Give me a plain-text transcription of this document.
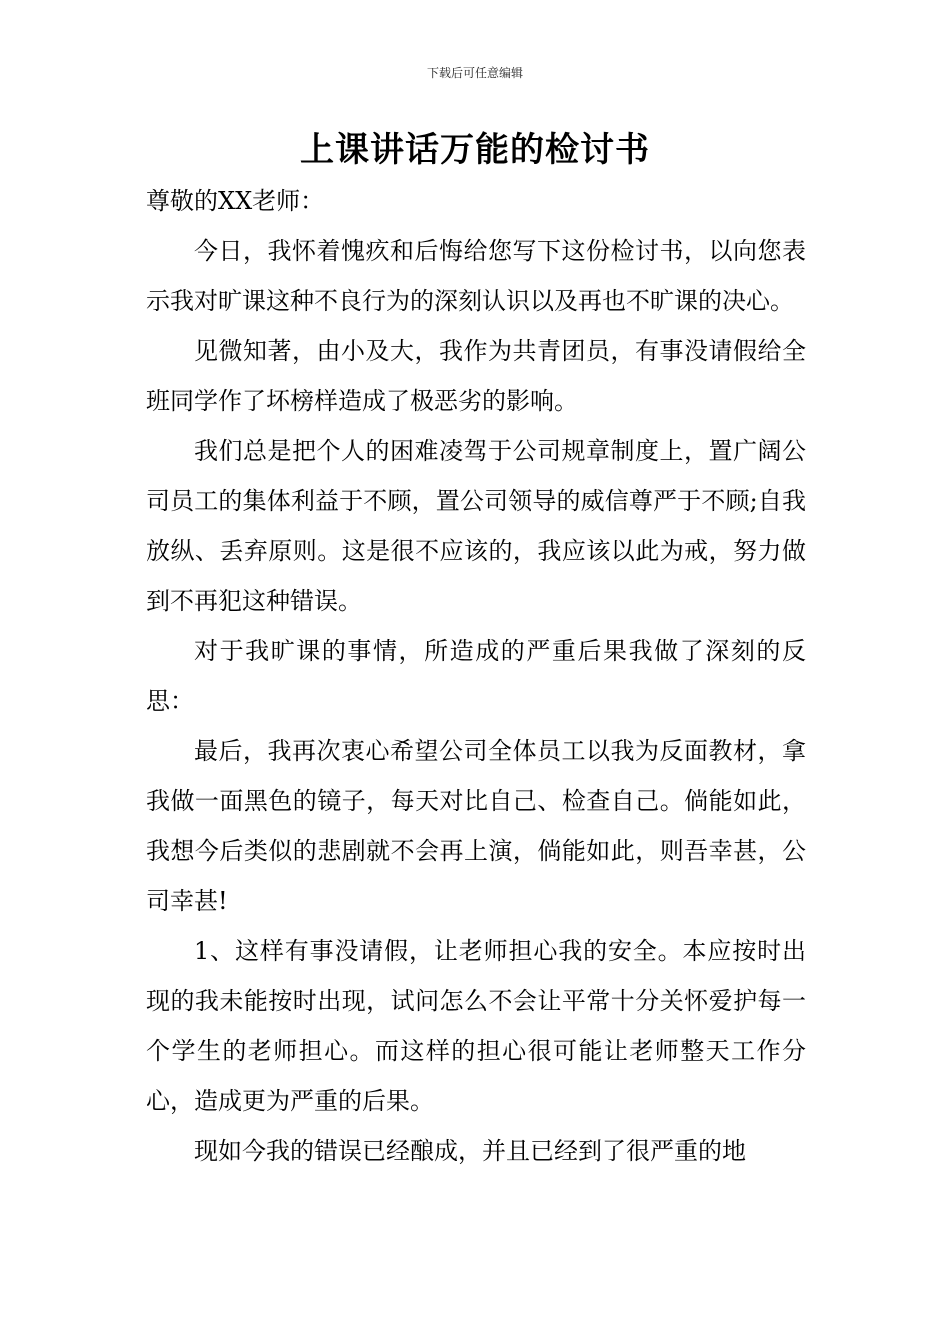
下载后可任意编辑
上课讲话万能的检讨书

尊敬的XX老师：

今日，我怀着愧疚和后悔给您写下这份检讨书，以向您表示我对旷课这种不良行为的深刻认识以及再也不旷课的决心。

见微知著，由小及大，我作为共青团员，有事没请假给全班同学作了坏榜样造成了极恶劣的影响。

我们总是把个人的困难凌驾于公司规章制度上，置广阔公司员工的集体利益于不顾，置公司领导的威信尊严于不顾;自我放纵、丢弃原则。这是很不应该的，我应该以此为戒，努力做到不再犯这种错误。

对于我旷课的事情，所造成的严重后果我做了深刻的反思：

最后，我再次衷心希望公司全体员工以我为反面教材，拿我做一面黑色的镜子，每天对比自己、检查自己。倘能如此，我想今后类似的悲剧就不会再上演，倘能如此，则吾幸甚，公司幸甚!

1、这样有事没请假，让老师担心我的安全。本应按时出现的我未能按时出现，试问怎么不会让平常十分关怀爱护每一个学生的老师担心。而这样的担心很可能让老师整天工作分心，造成更为严重的后果。

现如今我的错误已经酿成，并且已经到了很严重的地
